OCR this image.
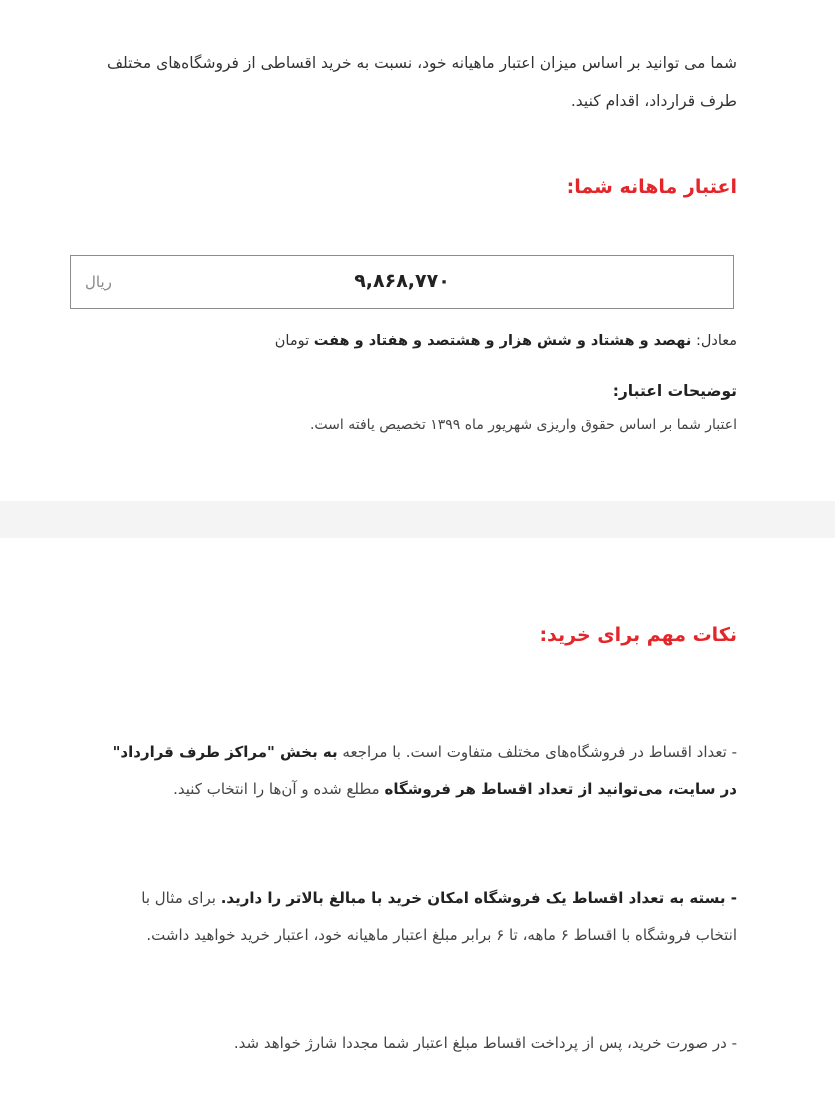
شما می توانید بر اساس میزان اعتبار ماهیانه خود، نسبت به خرید اقساطی از فروشگاه‌های مختلف طرف قرارداد، اقدام کنید.
اعتبار ماهانه شما:
۹,۸۶۸,۷۷۰
ریال
معادل: نهصد و هشتاد و شش هزار و هشتصد و هفتاد و هفت تومان
توضیحات اعتبار:
اعتبار شما بر اساس حقوق واریزی شهریور ماه ۱۳۹۹ تخصیص یافته است.
نکات مهم برای خرید:
- تعداد اقساط در فروشگاه‌های مختلف متفاوت است. با مراجعه به بخش "مراکز طرف قرارداد" در سایت، می‌توانید از تعداد اقساط هر فروشگاه مطلع شده و آن‌ها را انتخاب کنید.
- بسته به تعداد اقساط یک فروشگاه امکان خرید با مبالغ بالاتر را دارید. برای مثال با انتخاب فروشگاه با اقساط ۶ ماهه، تا ۶ برابر مبلغ اعتبار ماهیانه خود، اعتبار خرید خواهید داشت.
- در صورت خرید، پس از پرداخت اقساط مبلغ اعتبار شما مجددا شارژ خواهد شد.
